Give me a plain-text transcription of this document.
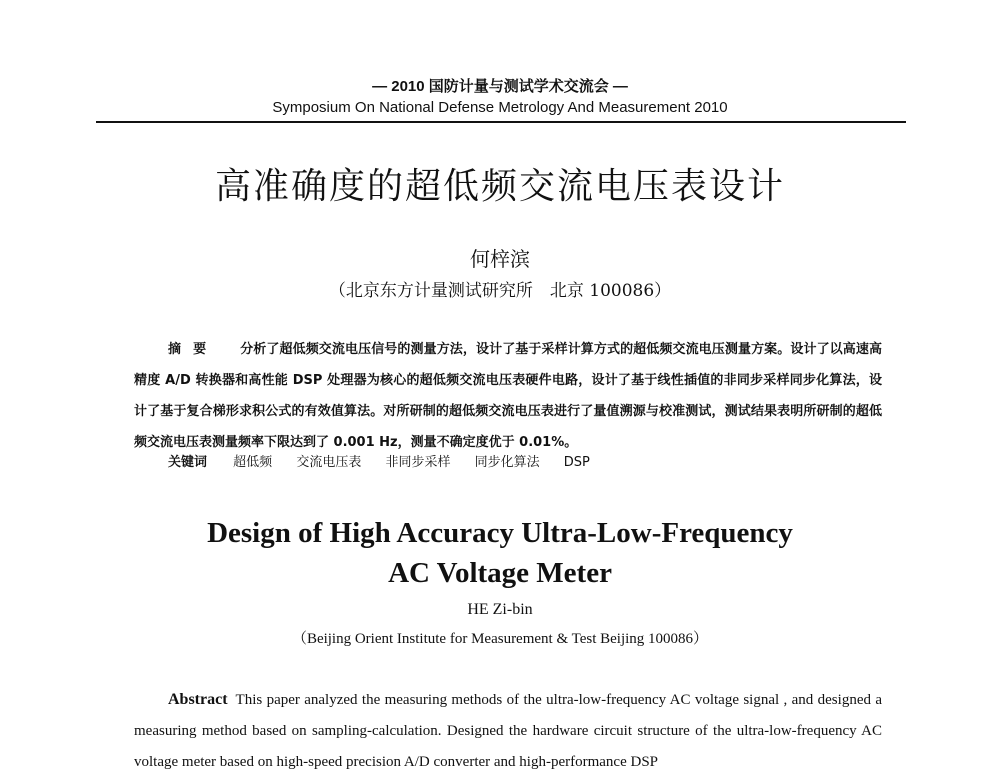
— 2010 国防计量与测试学术交流会 —
Symposium On National Defense Metrology And Measurement 2010
高准确度的超低频交流电压表设计
何梓滨
（北京东方计量测试研究所　北京 100086）
摘要 分析了超低频交流电压信号的测量方法，设计了基于采样计算方式的超低频交流电压测量方案。设计了以高速高精度 A/D 转换器和高性能 DSP 处理器为核心的超低频交流电压表硬件电路，设计了基于线性插值的非同步采样同步化算法，设计了基于复合梯形求积公式的有效值算法。对所研制的超低频交流电压表进行了量值溯源与校准测试，测试结果表明所研制的超低频交流电压表测量频率下限达到了 0.001 Hz，测量不确定度优于 0.01%。
关键词 超低频 交流电压表 非同步采样 同步化算法 DSP
Design of High Accuracy Ultra-Low-Frequency
AC Voltage Meter
HE Zi-bin
（Beijing Orient Institute for Measurement & Test Beijing 100086）
Abstract This paper analyzed the measuring methods of the ultra-low-frequency AC voltage signal , and designed a measuring method based on sampling-calculation. Designed the hardware circuit structure of the ultra-low-frequency AC voltage meter based on high-speed precision A/D converter and high-performance DSP
